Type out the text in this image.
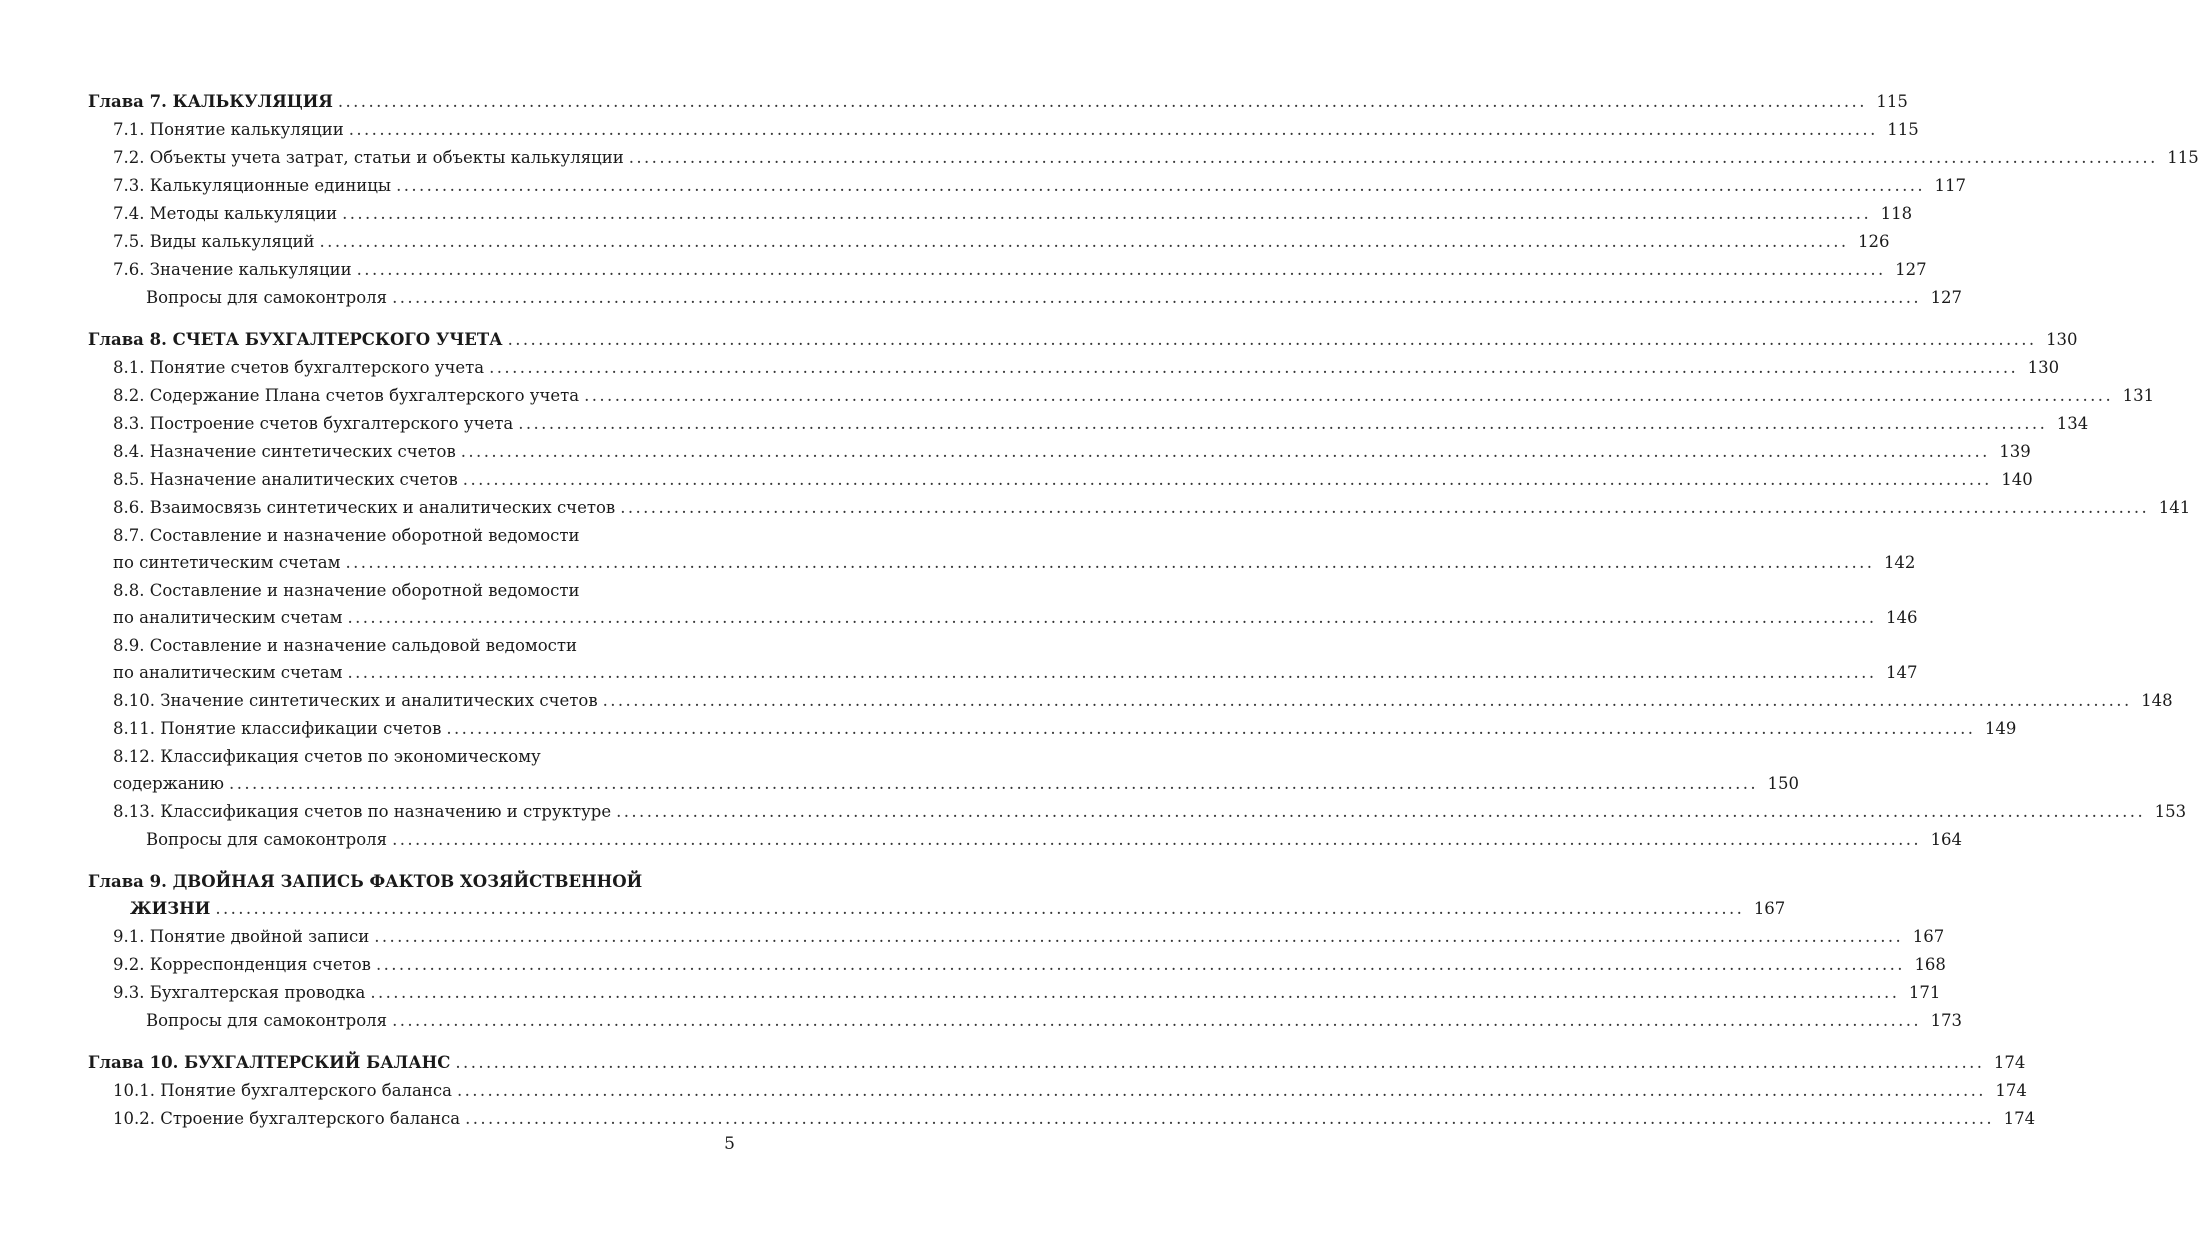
Глава 7. КАЛЬКУЛЯЦИЯ ........................................................................................................................................................................................................ 115
7.1. Понятие калькуляции ........................................................................................................................................................................................................ 115
7.2. Объекты учета затрат, статьи и объекты калькуляции ........................................................................................................................................................................................................ 115
7.3. Калькуляционные единицы ........................................................................................................................................................................................................ 117
7.4. Методы калькуляции ........................................................................................................................................................................................................ 118
7.5. Виды калькуляций ........................................................................................................................................................................................................ 126
7.6. Значение калькуляции ........................................................................................................................................................................................................ 127
Вопросы для самоконтроля ........................................................................................................................................................................................................ 127
Глава 8. СЧЕТА БУХГАЛТЕРСКОГО УЧЕТА ........................................................................................................................................................................................................ 130
8.1. Понятие счетов бухгалтерского учета ........................................................................................................................................................................................................ 130
8.2. Содержание Плана счетов бухгалтерского учета ........................................................................................................................................................................................................ 131
8.3. Построение счетов бухгалтерского учета ........................................................................................................................................................................................................ 134
8.4. Назначение синтетических счетов ........................................................................................................................................................................................................ 139
8.5. Назначение аналитических счетов ........................................................................................................................................................................................................ 140
8.6. Взаимосвязь синтетических и аналитических счетов ........................................................................................................................................................................................................ 141
8.7. Составление и назначение оборотной ведомости
по синтетическим счетам ........................................................................................................................................................................................................ 142
8.8. Составление и назначение оборотной ведомости
по аналитическим счетам ........................................................................................................................................................................................................ 146
8.9. Составление и назначение сальдовой ведомости
по аналитическим счетам ........................................................................................................................................................................................................ 147
8.10. Значение синтетических и аналитических счетов ........................................................................................................................................................................................................ 148
8.11. Понятие классификации счетов ........................................................................................................................................................................................................ 149
8.12. Классификация счетов по экономическому
содержанию ........................................................................................................................................................................................................ 150
8.13. Классификация счетов по назначению и структуре ........................................................................................................................................................................................................ 153
Вопросы для самоконтроля ........................................................................................................................................................................................................ 164
Глава 9. ДВОЙНАЯ ЗАПИСЬ ФАКТОВ ХОЗЯЙСТВЕННОЙ
ЖИЗНИ ........................................................................................................................................................................................................ 167
9.1. Понятие двойной записи ........................................................................................................................................................................................................ 167
9.2. Корреспонденция счетов ........................................................................................................................................................................................................ 168
9.3. Бухгалтерская проводка ........................................................................................................................................................................................................ 171
Вопросы для самоконтроля ........................................................................................................................................................................................................ 173
Глава 10. БУХГАЛТЕРСКИЙ БАЛАНС ........................................................................................................................................................................................................ 174
10.1. Понятие бухгалтерского баланса ........................................................................................................................................................................................................ 174
10.2. Строение бухгалтерского баланса ........................................................................................................................................................................................................ 174
5
